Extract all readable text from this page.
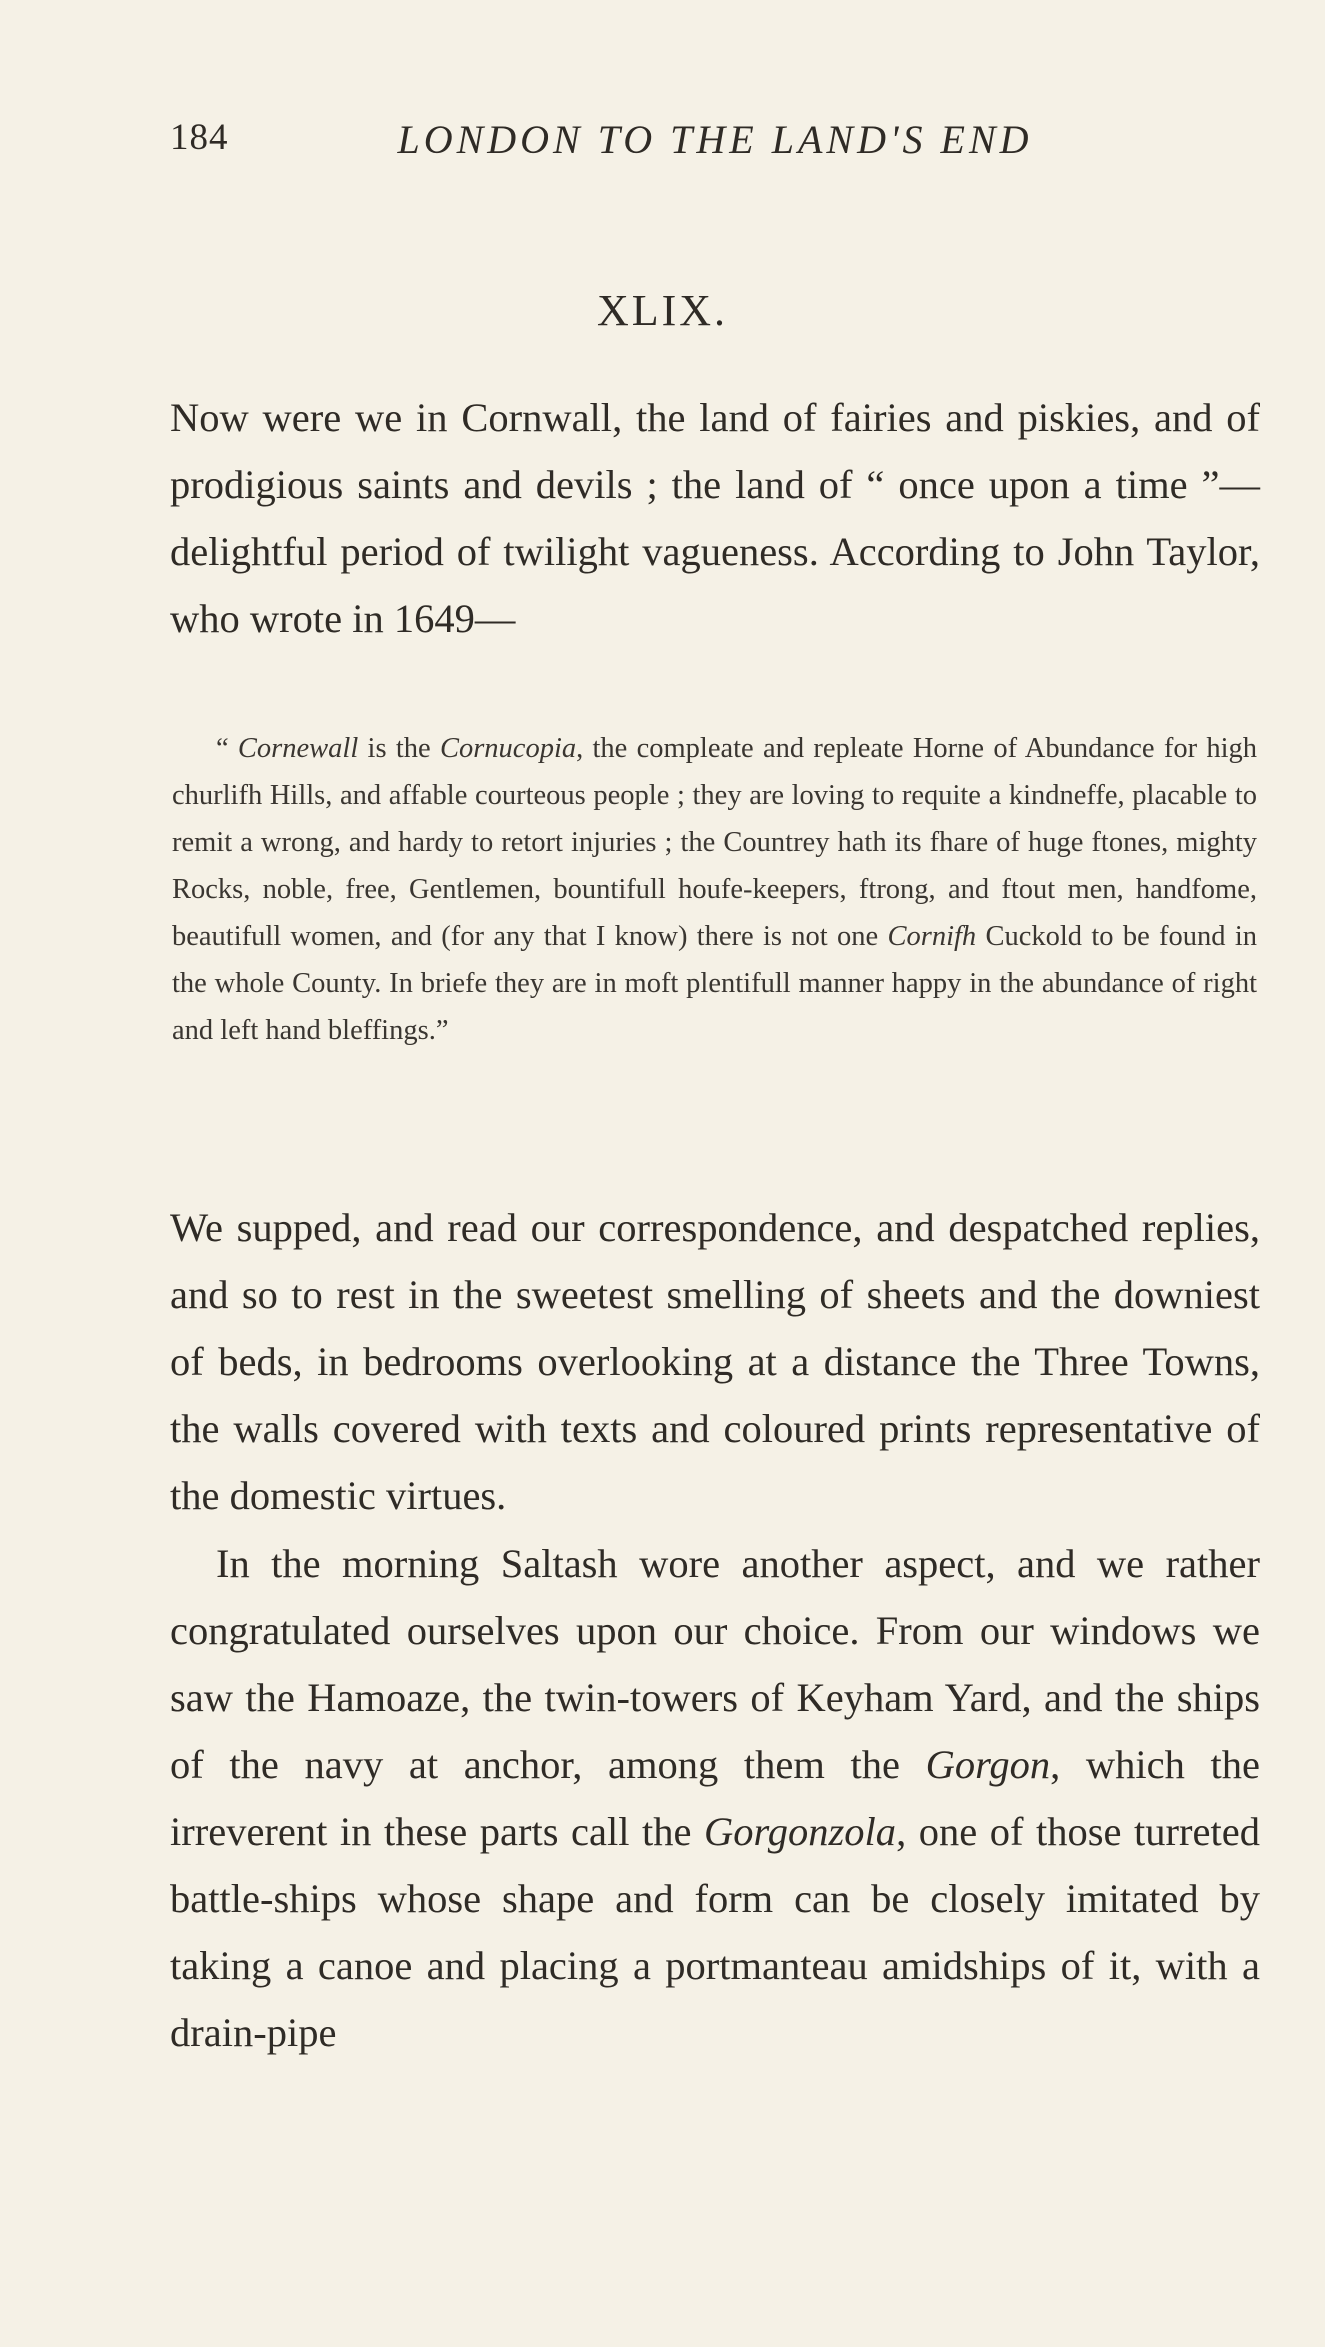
184	LONDON TO THE LAND'S END
XLIX.

Now were we in Cornwall, the land of fairies and piskies, and of prodigious saints and devils ; the land of “ once upon a time ”—delightful period of twilight vagueness. According to John Taylor, who wrote in 1649—

“ Cornewall is the Cornucopia, the compleate and repleate Horne of Abundance for high churlifh Hills, and affable courteous people ; they are loving to requite a kindneffe, placable to remit a wrong, and hardy to retort injuries ; the Countrey hath its fhare of huge ftones, mighty Rocks, noble, free, Gentlemen, bountifull houfe-keepers, ftrong, and ftout men, handfome, beautifull women, and (for any that I know) there is not one Cornifh Cuckold to be found in the whole County. In briefe they are in moft plentifull manner happy in the abundance of right and left hand bleffings.”

We supped, and read our correspondence, and despatched replies, and so to rest in the sweetest smelling of sheets and the downiest of beds, in bedrooms overlooking at a distance the Three Towns, the walls covered with texts and coloured prints representative of the domestic virtues.

In the morning Saltash wore another aspect, and we rather congratulated ourselves upon our choice. From our windows we saw the Hamoaze, the twin-towers of Keyham Yard, and the ships of the navy at anchor, among them the Gorgon, which the irreverent in these parts call the Gorgonzola, one of those turreted battle-ships whose shape and form can be closely imitated by taking a canoe and placing a portmanteau amidships of it, with a drain-pipe
